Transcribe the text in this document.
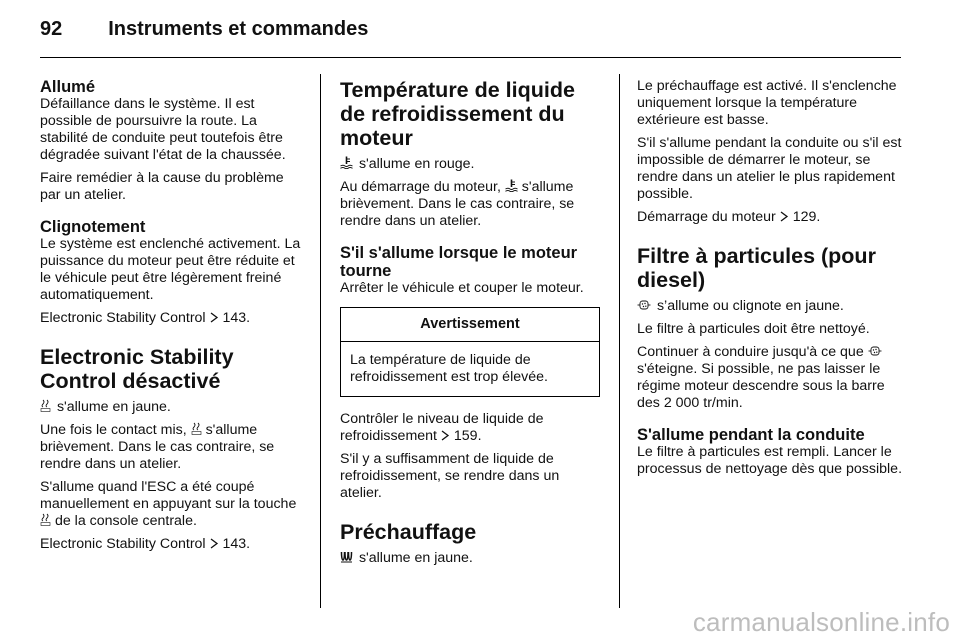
92 Instruments et commandes
Allumé

Défaillance dans le système. Il est possible de poursuivre la route. La stabilité de conduite peut toutefois être dégradée suivant l'état de la chaussée.

Faire remédier à la cause du problème par un atelier.

Clignotement

Le système est enclenché activement. La puissance du moteur peut être réduite et le véhicule peut être légèrement freiné automatiquement.

Electronic Stability Control 143.

Electronic Stability Control désactivé

s'allume en jaune.

Une fois le contact mis, s'allume brièvement. Dans le cas contraire, se rendre dans un atelier.

S'allume quand l'ESC a été coupé manuellement en appuyant sur la touche  de la console centrale.

Electronic Stability Control 143.

Température de liquide de refroidissement du moteur

s'allume en rouge.

Au démarrage du moteur, s'allume brièvement. Dans le cas contraire, se rendre dans un atelier.

S'il s'allume lorsque le moteur tourne

Arrêter le véhicule et couper le moteur.

Avertissement
La température de liquide de refroidissement est trop élevée.

Contrôler le niveau de liquide de refroidissement 159.

S'il y a suffisamment de liquide de refroidissement, se rendre dans un atelier.

Préchauffage

s'allume en jaune.

Le préchauffage est activé. Il s'enclenche uniquement lorsque la température extérieure est basse.

S'il s'allume pendant la conduite ou s'il est impossible de démarrer le moteur, se rendre dans un atelier le plus rapidement possible.

Démarrage du moteur 129.

Filtre à particules (pour diesel)

s’allume ou clignote en jaune.

Le filtre à particules doit être nettoyé.

Continuer à conduire jusqu'à ce que  s'éteigne. Si possible, ne pas laisser le régime moteur descendre sous la barre des 2 000 tr/min.

S'allume pendant la conduite

Le filtre à particules est rempli. Lancer le processus de nettoyage dès que possible.

carmanualsonline.info
